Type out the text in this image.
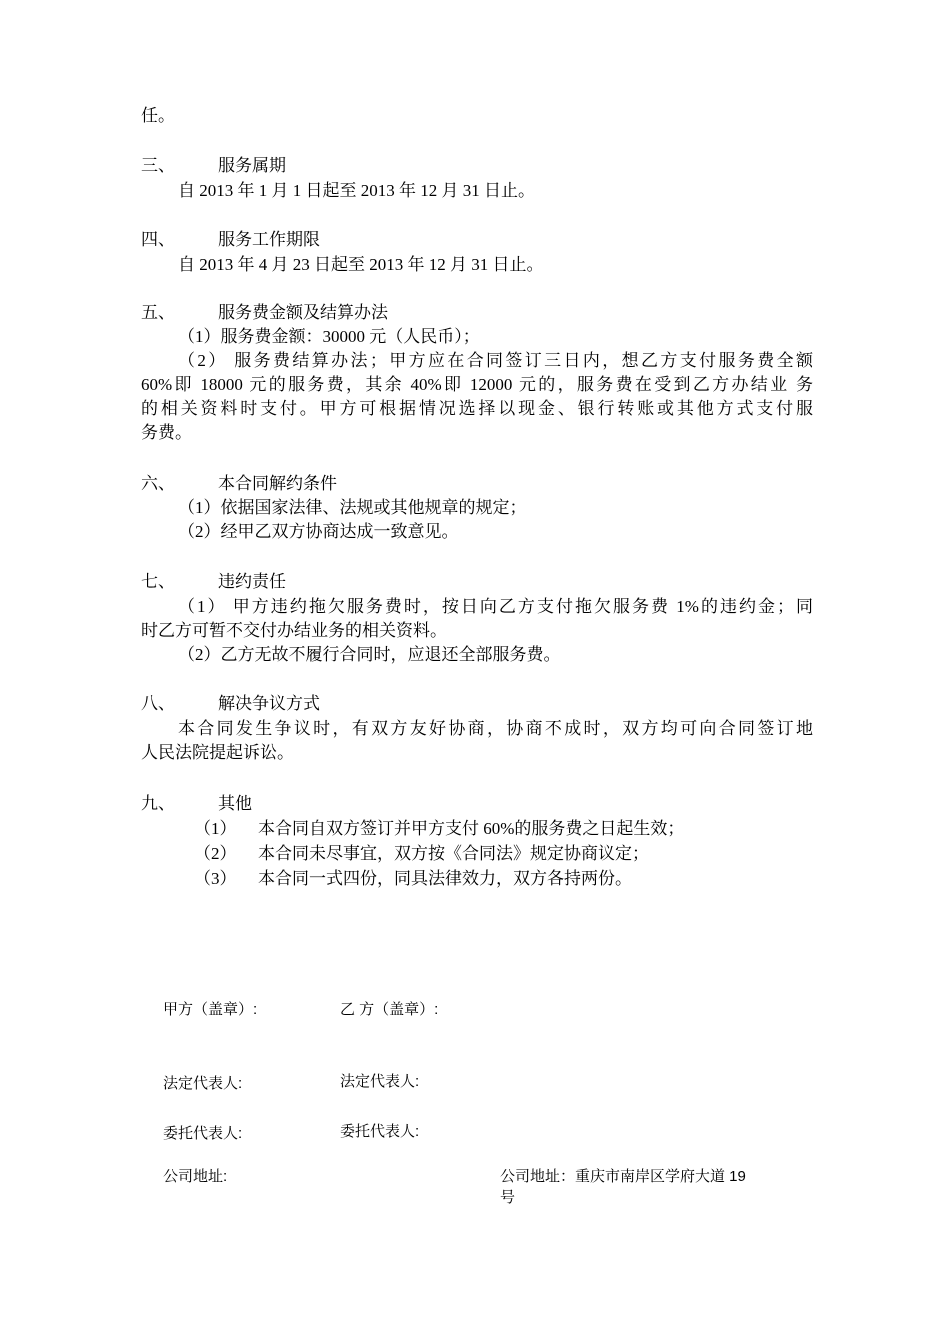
任。
三、	服务属期
自 2013 年 1 月 1 日起至 2013 年 12 月 31 日止。
四、	服务工作期限
自 2013 年 4 月 23 日起至 2013 年 12 月 31 日止。
五、	服务费金额及结算办法
（1）服务费金额：30000 元（人民币）；
（2） 服务费结算办法；甲方应在合同签订三日内，想乙方支付服务费全额
60%即 18000 元的服务费，其余 40%即 12000 元的，服务费在受到乙方办结业 务
的相关资料时支付。甲方可根据情况选择以现金、银行转账或其他方式支付服
务费。
六、	本合同解约条件
（1）依据国家法律、法规或其他规章的规定；
（2）经甲乙双方协商达成一致意见。
七、	违约责任
（1） 甲方违约拖欠服务费时，按日向乙方支付拖欠服务费 1%的违约金；同
时乙方可暂不交付办结业务的相关资料。
（2）乙方无故不履行合同时，应退还全部服务费。
八、	解决争议方式
本合同发生争议时，有双方友好协商，协商不成时，双方均可向合同签订地
人民法院提起诉讼。
九、	其他
（1） 本合同自双方签订并甲方支付 60%的服务费之日起生效；
（2） 本合同未尽事宜，双方按《合同法》规定协商议定；
（3） 本合同一式四份，同具法律效力，双方各持两份。
甲方（盖章）:	乙 方（盖章）:
法定代表人:	法定代表人:
委托代表人:	委托代表人:
公司地址:	公司地址：重庆市南岸区学府大道 19
号
